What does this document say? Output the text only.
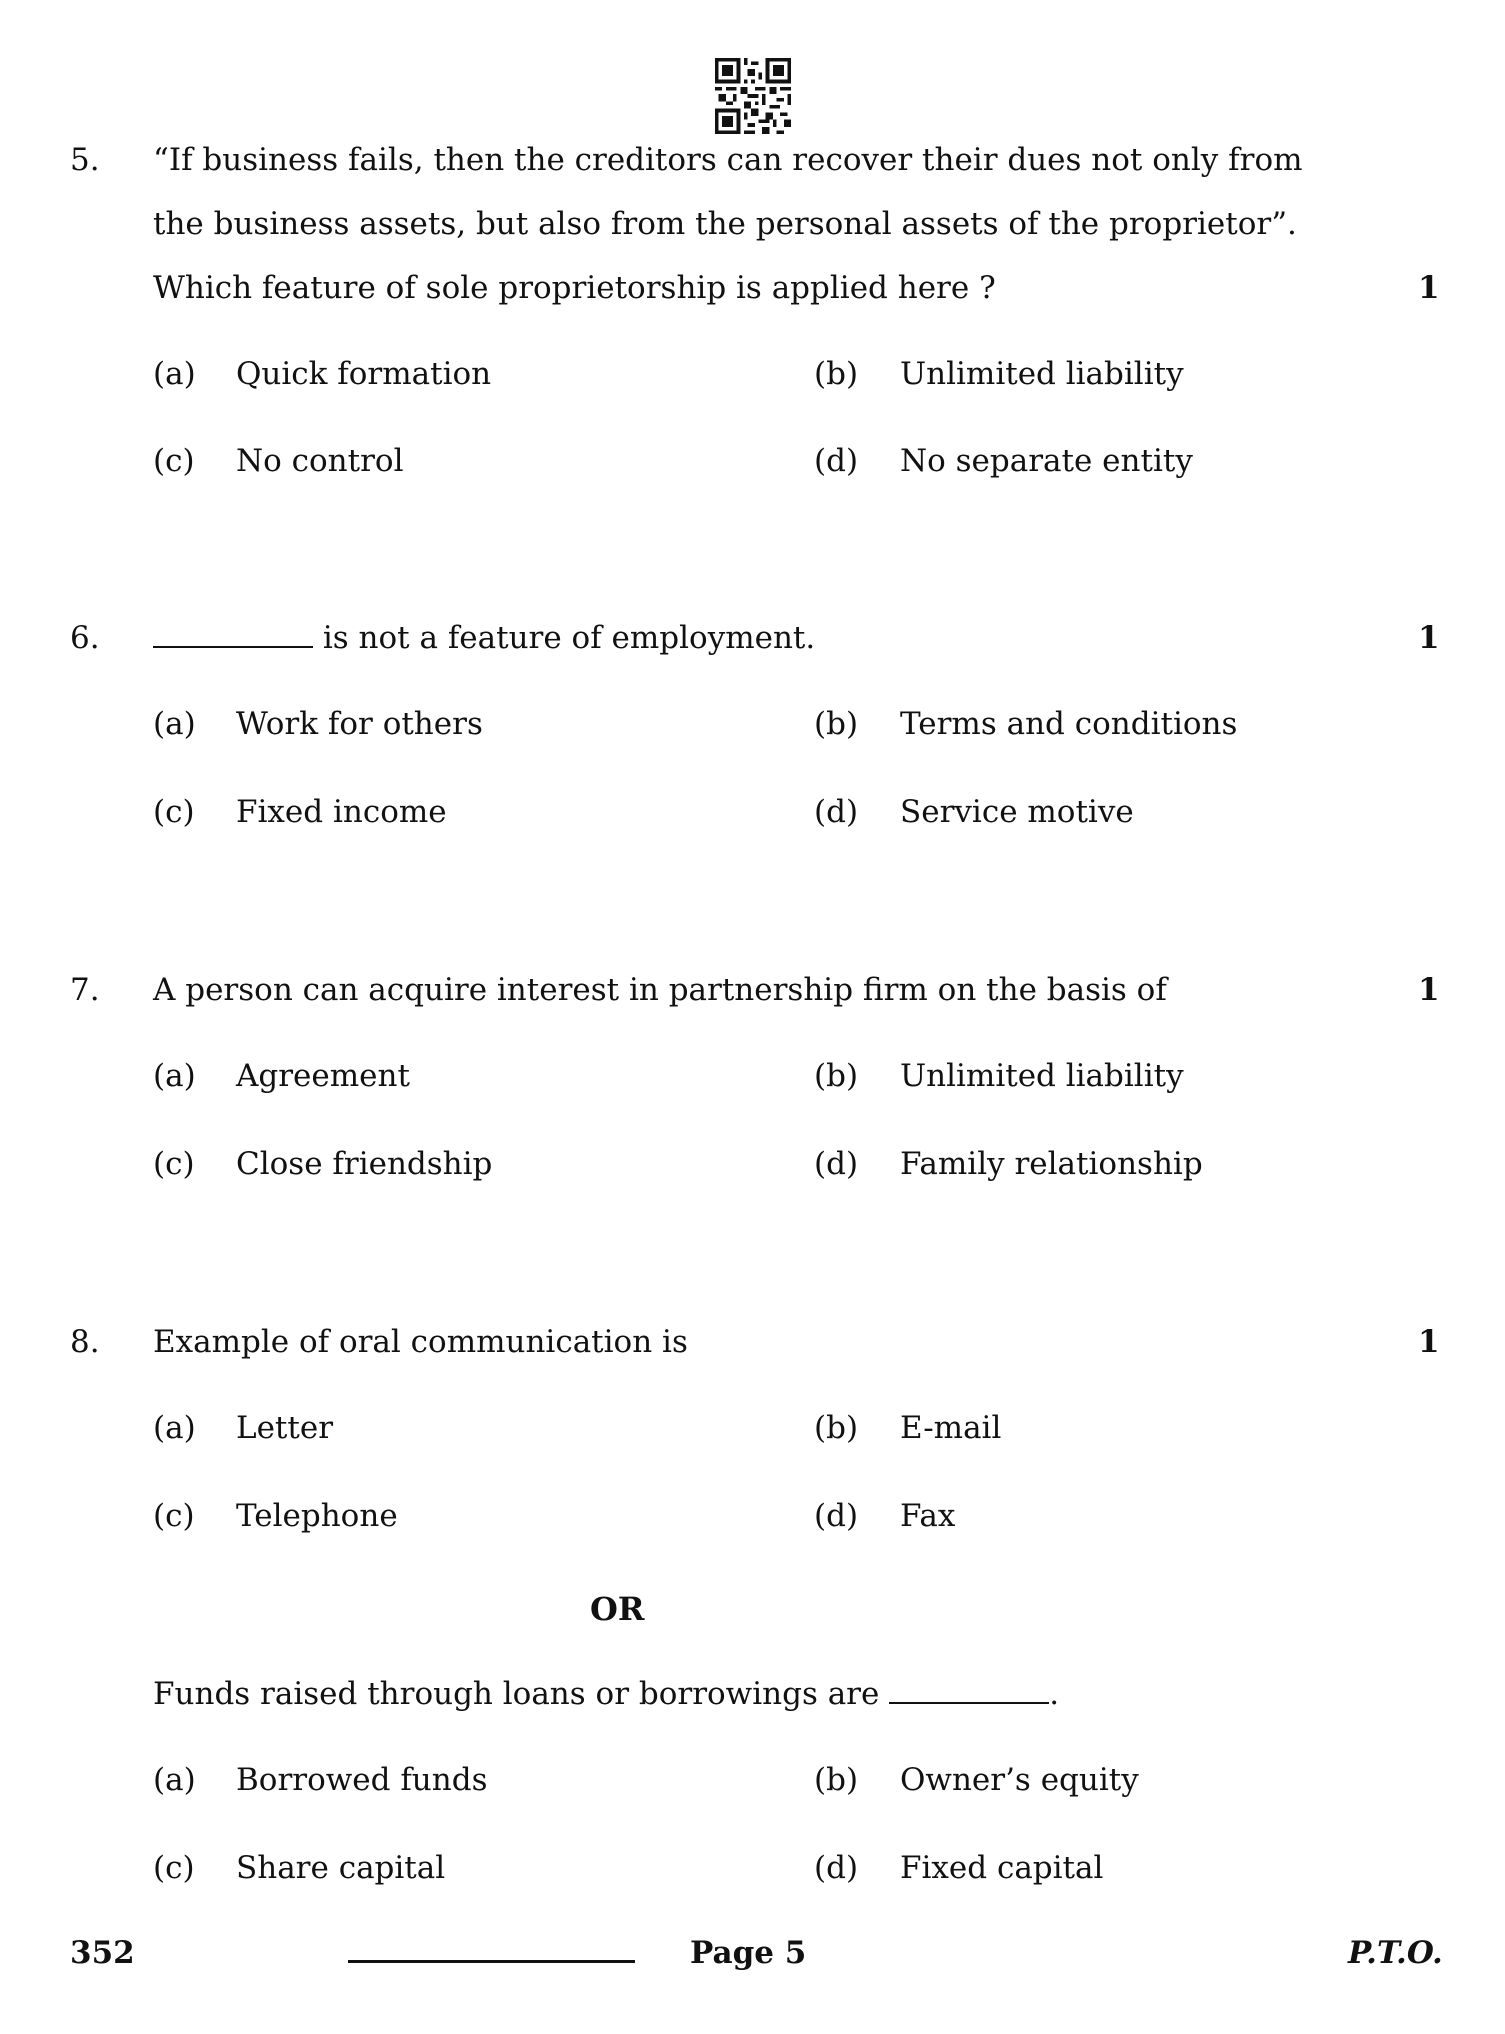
5. “If business fails, then the creditors can recover their dues not only from
the business assets, but also from the personal assets of the proprietor”.
Which feature of sole proprietorship is applied here ?	1
(a) Quick formation	(b) Unlimited liability
(c) No control	(d) No separate entity
6.	is not a feature of employment.	1
(a) Work for others	(b) Terms and conditions
(c) Fixed income	(d) Service motive
7. A person can acquire interest in partnership firm on the basis of	1
(a) Agreement	(b) Unlimited liability
(c) Close friendship	(d) Family relationship
8. Example of oral communication is	1
(a) Letter	(b) E-mail
(c) Telephone	(d) Fax
OR
Funds raised through loans or borrowings are	.
(a) Borrowed funds	(b) Owner’s equity
(c) Share capital	(d) Fixed capital
352	Page 5	P.T.O.
